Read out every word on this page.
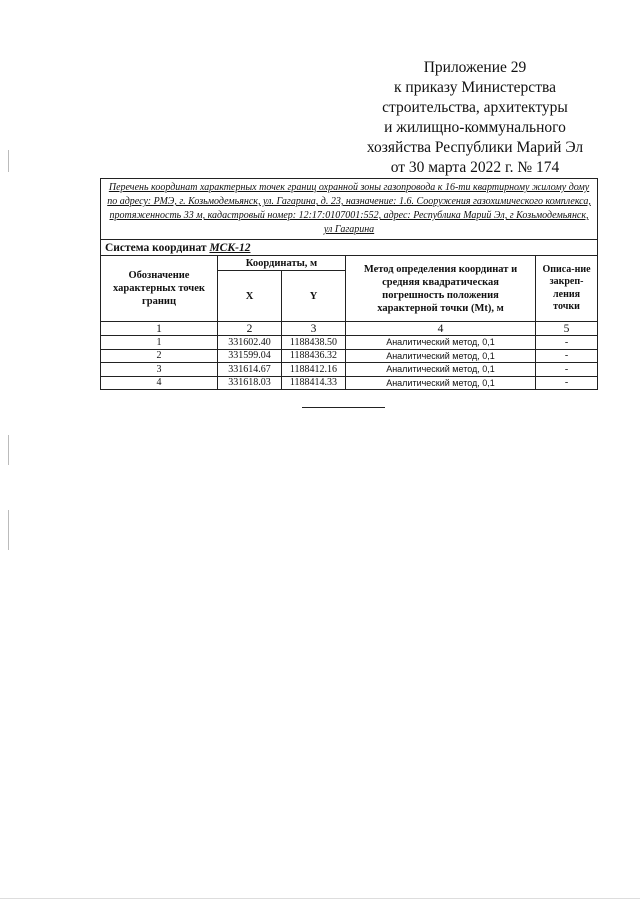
Приложение 29
к приказу Министерства
строительства, архитектуры
и жилищно-коммунального
хозяйства Республики Марий Эл
от 30 марта 2022 г. № 174
Перечень координат характерных точек границ охранной зоны газопровода к 16-ти квартирному жилому дому по адресу: РМЭ, г. Козьмодемьянск, ул. Гагарина, д. 23, назначение: 1.6. Сооружения газохимического комплекса, протяженность 33 м, кадастровый номер: 12:17:0107001:552, адрес: Республика Марий Эл, г Козьмодемьянск, ул Гагарина				
Система координат МСК-12				
Обозначение характерных точек границ	Координаты, м		Метод определения координат и средняя квадратическая погрешность положения характерной точки (Mt), м	Описа-ние закреп-ления точки
	X	Y		
1	2	3	4	5
1	331602.40	1188438.50	Аналитический метод, 0,1	-
2	331599.04	1188436.32	Аналитический метод, 0,1	-
3	331614.67	1188412.16	Аналитический метод, 0,1	-
4	331618.03	1188414.33	Аналитический метод, 0,1	-
